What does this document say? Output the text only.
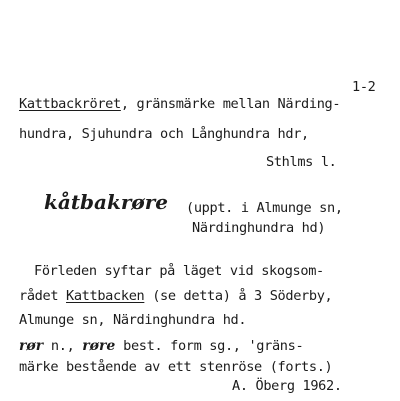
1-2
Kattbackröret, gränsmärke mellan Närding-
hundra, Sjuhundra och Långhundra hdr,
Sthlms l.
kåtbakrøre (uppt. i Almunge sn,
Närdinghundra hd)
Förleden syftar på läget vid skogsom-
rådet Kattbacken (se detta) å 3 Söderby,
Almunge sn, Närdinghundra hd.
rør n., røre best. form sg., 'gräns-
märke bestående av ett stenröse (forts.)
A. Öberg 1962.
